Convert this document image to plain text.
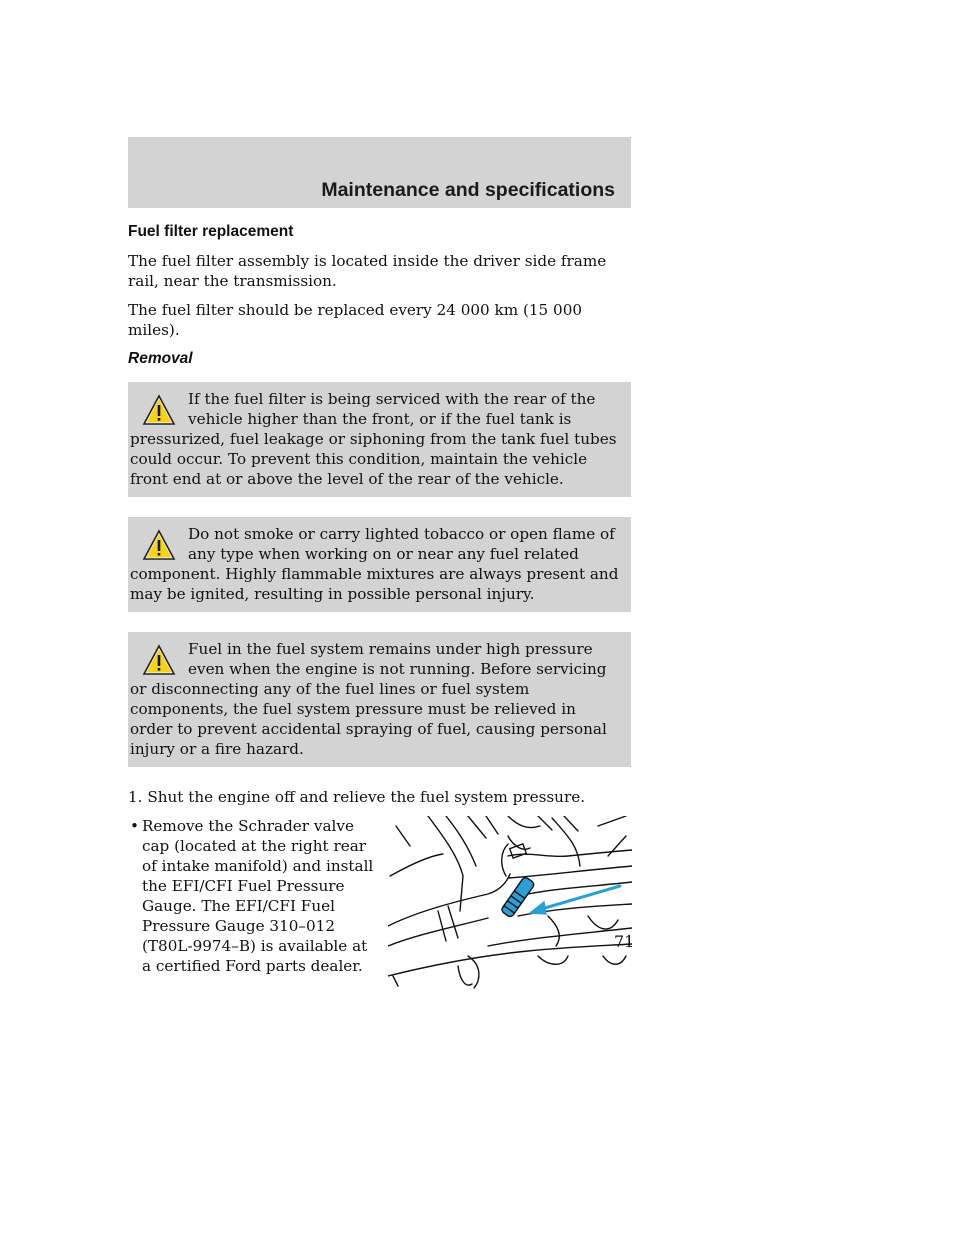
Maintenance and specifications
Fuel filter replacement

The fuel filter assembly is located inside the driver side frame rail, near the transmission.

The fuel filter should be replaced every 24 000 km (15 000 miles).

Removal
If the fuel filter is being serviced with the rear of the vehicle higher than the front, or if the fuel tank is pressurized, fuel leakage or siphoning from the tank fuel tubes could occur. To prevent this condition, maintain the vehicle front end at or above the level of the rear of the vehicle.
Do not smoke or carry lighted tobacco or open flame of any type when working on or near any fuel related component. Highly flammable mixtures are always present and may be ignited, resulting in possible personal injury.
Fuel in the fuel system remains under high pressure even when the engine is not running. Before servicing or disconnecting any of the fuel lines or fuel system components, the fuel system pressure must be relieved in order to prevent accidental spraying of fuel, causing personal injury or a fire hazard.

1. Shut the engine off and relieve the fuel system pressure.

• Remove the Schrader valve cap (located at the right rear of intake manifold) and install the EFI/CFI Fuel Pressure Gauge. The EFI/CFI Fuel Pressure Gauge 310–012 (T80L-9974–B) is available at a certified Ford parts dealer.
71
